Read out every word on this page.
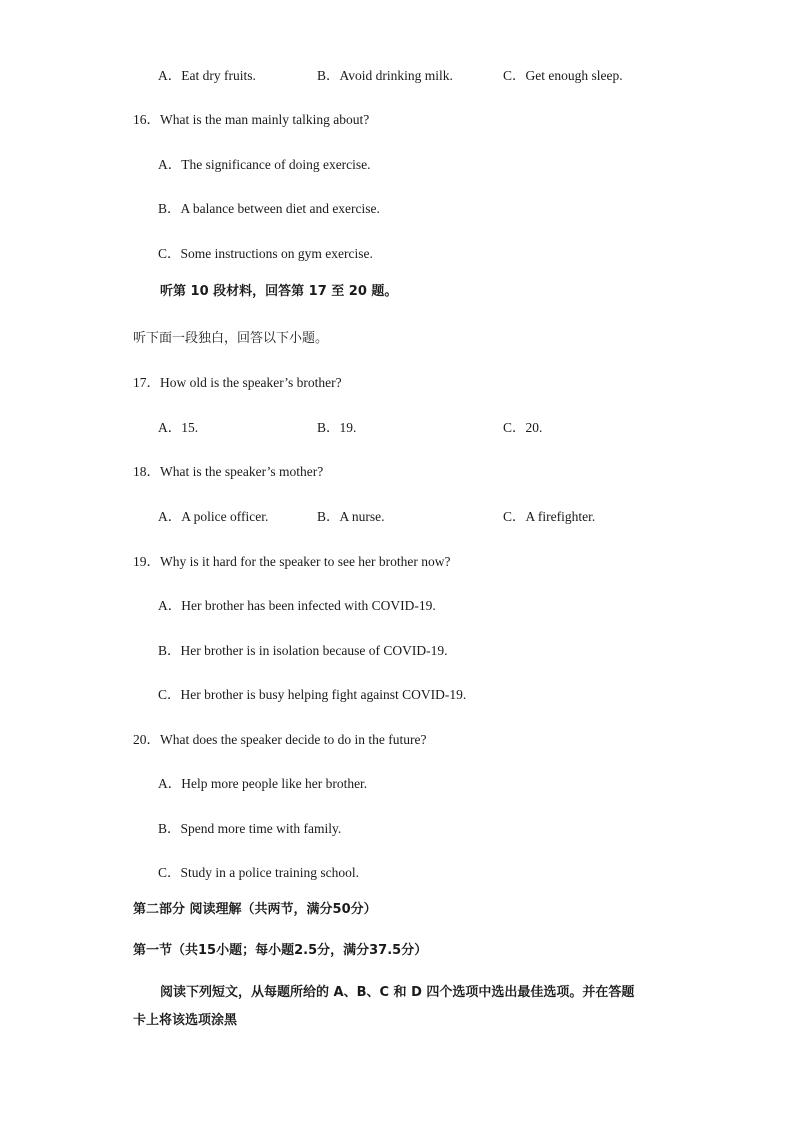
A．Eat dry fruits.	B．Avoid drinking milk.	C．Get enough sleep.
16．What is the man mainly talking about?
A．The significance of doing exercise.
B．A balance between diet and exercise.
C．Some instructions on gym exercise.
听第 10 段材料，回答第 17 至 20 题。
听下面一段独白，回答以下小题。
17．How old is the speaker’s brother?
A．15.	B．19.	C．20.
18．What is the speaker’s mother?
A．A police officer.	B．A nurse.	C．A firefighter.
19．Why is it hard for the speaker to see her brother now?
A．Her brother has been infected with COVID-19.
B．Her brother is in isolation because of COVID-19.
C．Her brother is busy helping fight against COVID-19.
20．What does the speaker decide to do in the future?
A．Help more people like her brother.
B．Spend more time with family.
C．Study in a police training school.
第二部分 阅读理解（共两节，满分50分）
第一节（共15小题；每小题2.5分，满分37.5分）
阅读下列短文，从每题所给的 A、B、C 和 D 四个选项中选出最佳选项。并在答题
卡上将该选项涂黑
